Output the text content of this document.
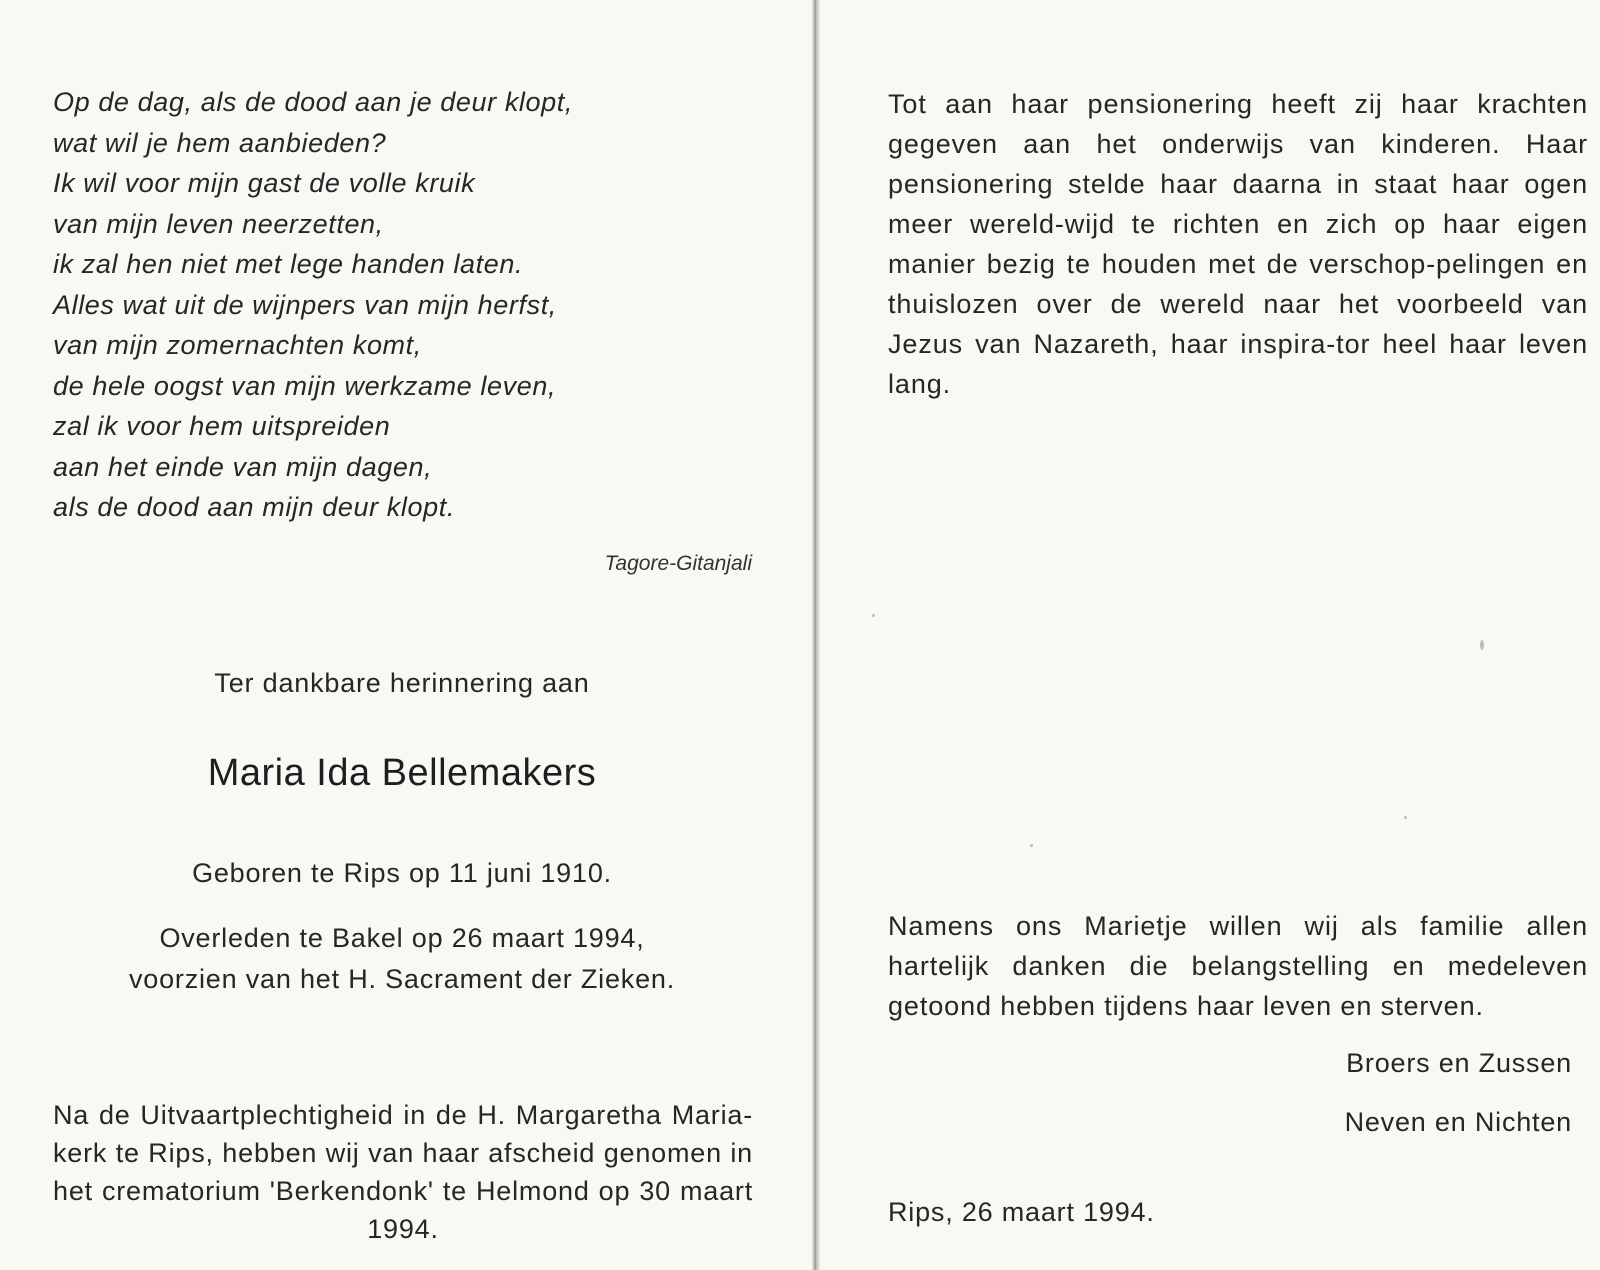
Op de dag, als de dood aan je deur klopt,
wat wil je hem aanbieden?
Ik wil voor mijn gast de volle kruik
van mijn leven neerzetten,
ik zal hen niet met lege handen laten.
Alles wat uit de wijnpers van mijn herfst,
van mijn zomernachten komt,
de hele oogst van mijn werkzame leven,
zal ik voor hem uitspreiden
aan het einde van mijn dagen,
als de dood aan mijn deur klopt.
Tagore-Gitanjali
Ter dankbare herinnering aan
Maria Ida Bellemakers
Geboren te Rips op 11 juni 1910.
Overleden te Bakel op 26 maart 1994,
voorzien van het H. Sacrament der Zieken.

Na de Uitvaartplechtigheid in de H. Margaretha Maria-kerk te Rips, hebben wij van haar afscheid genomen in het crematorium 'Berkendonk' te Helmond op 30 maart 1994.

Tot aan haar pensionering heeft zij haar krachten gegeven aan het onderwijs van kinderen. Haar pensionering stelde haar daarna in staat haar ogen meer wereld-wijd te richten en zich op haar eigen manier bezig te houden met de verschop-pelingen en thuislozen over de wereld naar het voorbeeld van Jezus van Nazareth, haar inspira-tor heel haar leven lang.

Namens ons Marietje willen wij als familie allen hartelijk danken die belangstelling en medeleven getoond hebben tijdens haar leven en sterven.

Broers en Zussen
Neven en Nichten
Rips, 26 maart 1994.
